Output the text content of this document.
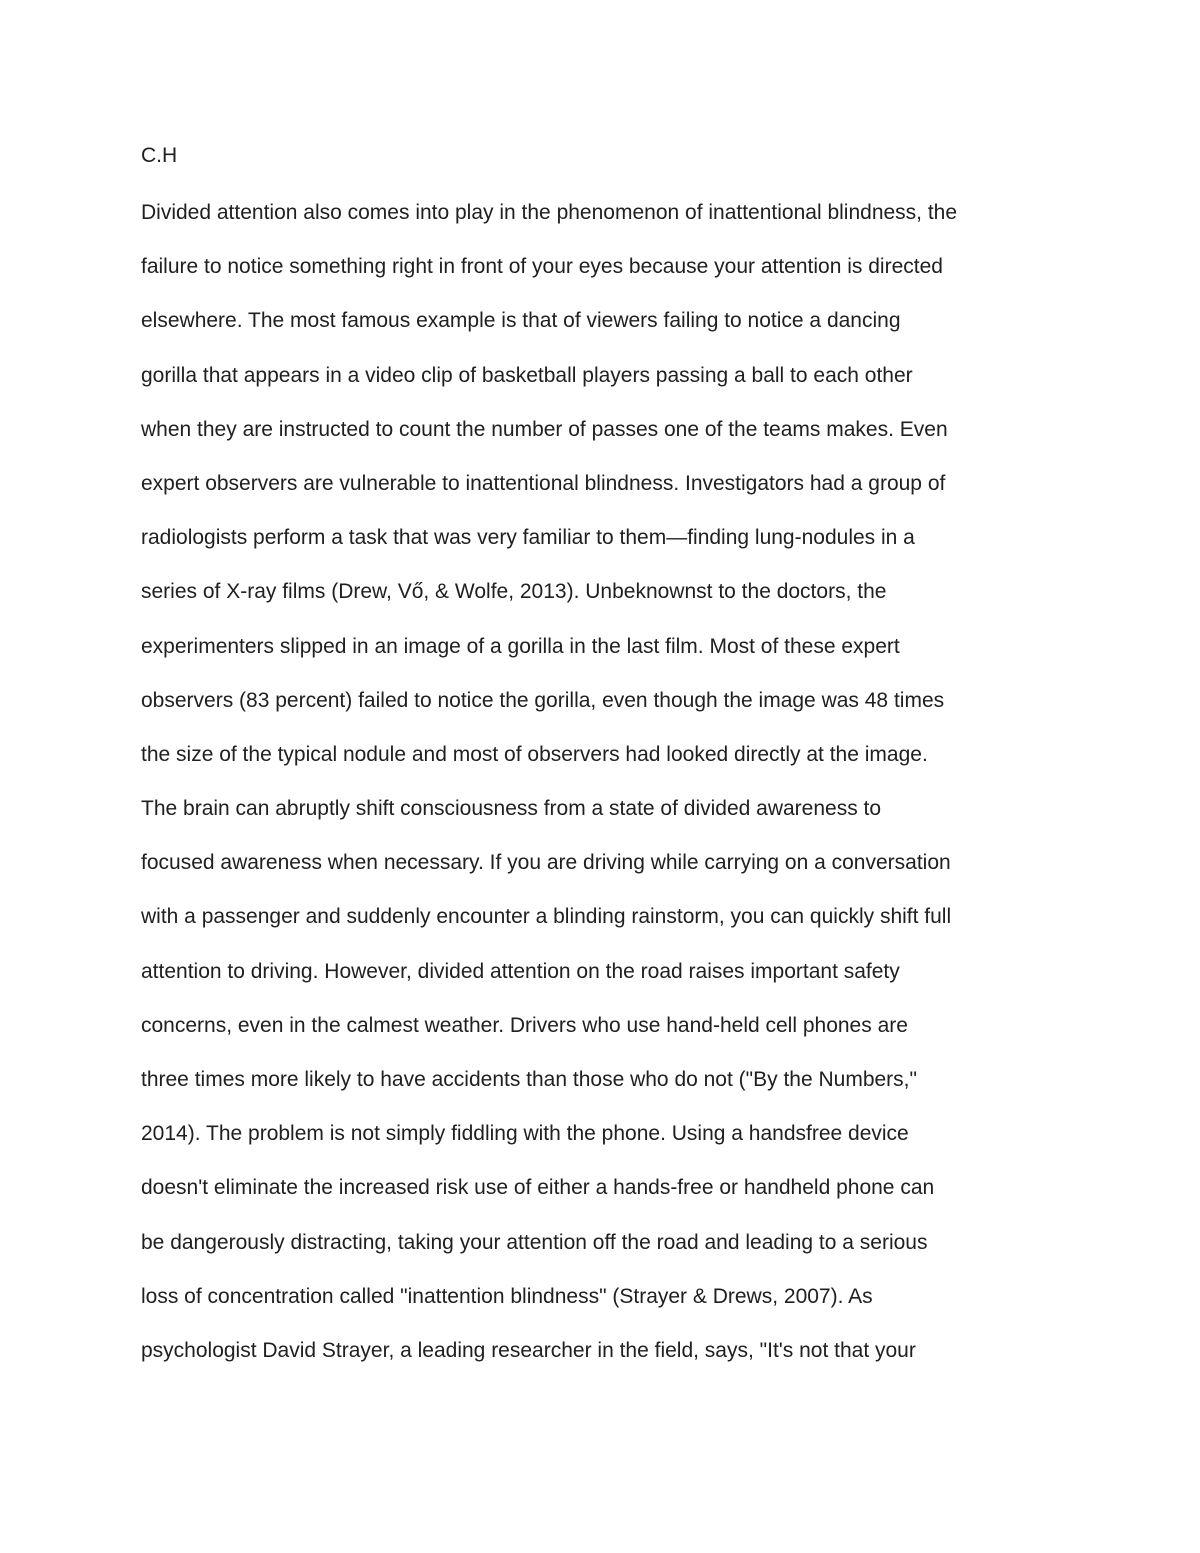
C.H
Divided attention also comes into play in the phenomenon of inattentional blindness, the
failure to notice something right in front of your eyes because your attention is directed
elsewhere. The most famous example is that of viewers failing to notice a dancing
gorilla that appears in a video clip of basketball players passing a ball to each other
when they are instructed to count the number of passes one of the teams makes. Even
expert observers are vulnerable to inattentional blindness. Investigators had a group of
radiologists perform a task that was very familiar to them—finding lung-nodules in a
series of X-ray films (Drew, Vő, & Wolfe, 2013). Unbeknownst to the doctors, the
experimenters slipped in an image of a gorilla in the last film. Most of these expert
observers (83 percent) failed to notice the gorilla, even though the image was 48 times
the size of the typical nodule and most of observers had looked directly at the image.
The brain can abruptly shift consciousness from a state of divided awareness to
focused awareness when necessary. If you are driving while carrying on a conversation
with a passenger and suddenly encounter a blinding rainstorm, you can quickly shift full
attention to driving. However, divided attention on the road raises important safety
concerns, even in the calmest weather. Drivers who use hand-held cell phones are
three times more likely to have accidents than those who do not ("By the Numbers,"
2014). The problem is not simply fiddling with the phone. Using a handsfree device
doesn't eliminate the increased risk use of either a hands-free or handheld phone can
be dangerously distracting, taking your attention off the road and leading to a serious
loss of concentration called "inattention blindness" (Strayer & Drews, 2007). As
psychologist David Strayer, a leading researcher in the field, says, "It's not that your
